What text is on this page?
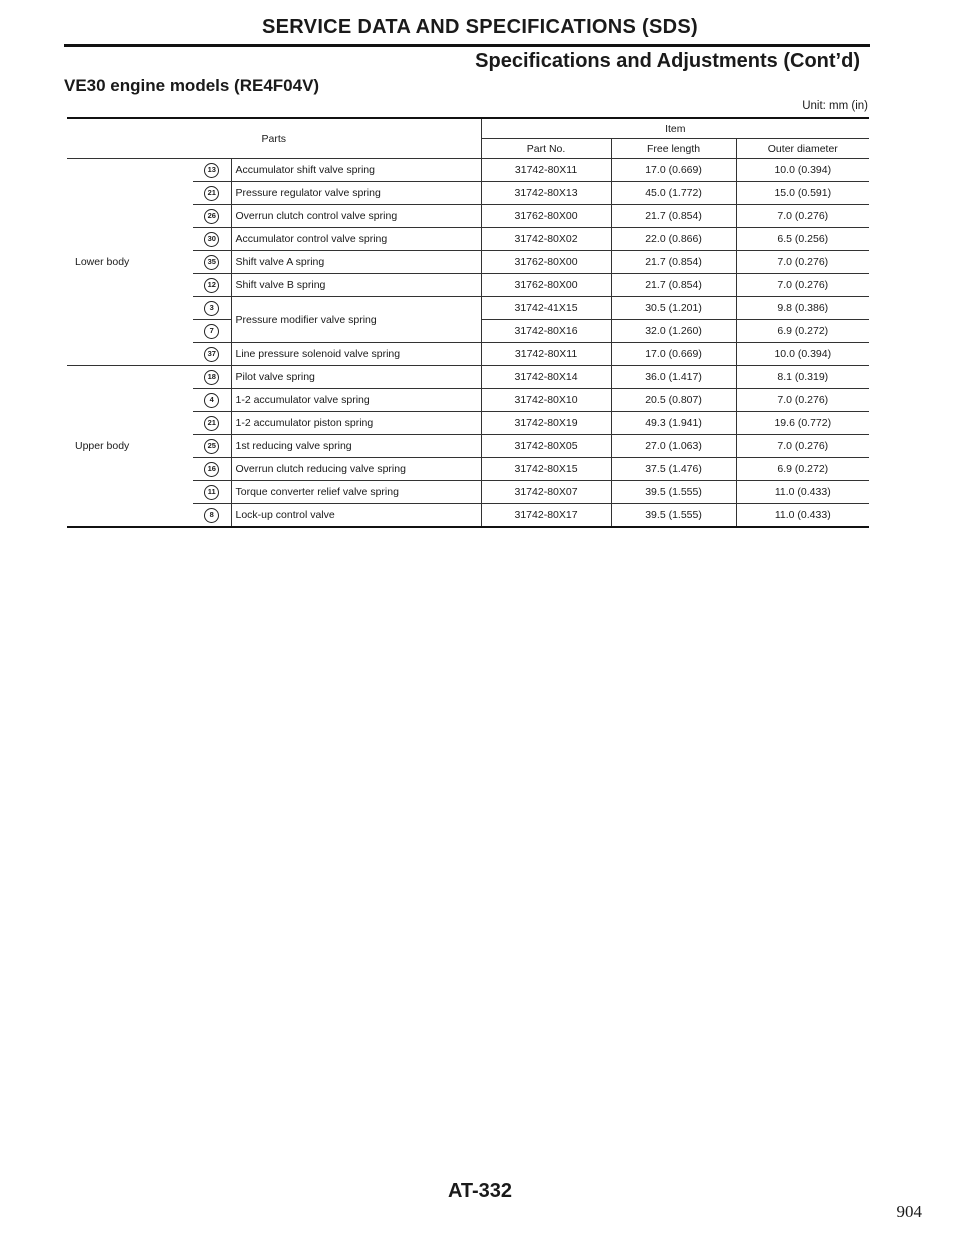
SERVICE DATA AND SPECIFICATIONS (SDS)
Specifications and Adjustments (Cont’d)
VE30 engine models (RE4F04V)
Unit: mm (in)
Parts			Item		
			Part No.	Free length	Outer diameter
Lower body	13	Accumulator shift valve spring	31742-80X11	17.0 (0.669)	10.0 (0.394)
	21	Pressure regulator valve spring	31742-80X13	45.0 (1.772)	15.0 (0.591)
	26	Overrun clutch control valve spring	31762-80X00	21.7 (0.854)	7.0 (0.276)
	30	Accumulator control valve spring	31742-80X02	22.0 (0.866)	6.5 (0.256)
	35	Shift valve A spring	31762-80X00	21.7 (0.854)	7.0 (0.276)
	12	Shift valve B spring	31762-80X00	21.7 (0.854)	7.0 (0.276)
	3	Pressure modifier valve spring	31742-41X15	30.5 (1.201)	9.8 (0.386)
	7		31742-80X16	32.0 (1.260)	6.9 (0.272)
	37	Line pressure solenoid valve spring	31742-80X11	17.0 (0.669)	10.0 (0.394)
Upper body	18	Pilot valve spring	31742-80X14	36.0 (1.417)	8.1 (0.319)
	4	1-2 accumulator valve spring	31742-80X10	20.5 (0.807)	7.0 (0.276)
	21	1-2 accumulator piston spring	31742-80X19	49.3 (1.941)	19.6 (0.772)
	25	1st reducing valve spring	31742-80X05	27.0 (1.063)	7.0 (0.276)
	16	Overrun clutch reducing valve spring	31742-80X15	37.5 (1.476)	6.9 (0.272)
	11	Torque converter relief valve spring	31742-80X07	39.5 (1.555)	11.0 (0.433)
	8	Lock-up control valve	31742-80X17	39.5 (1.555)	11.0 (0.433)
AT-332
904
